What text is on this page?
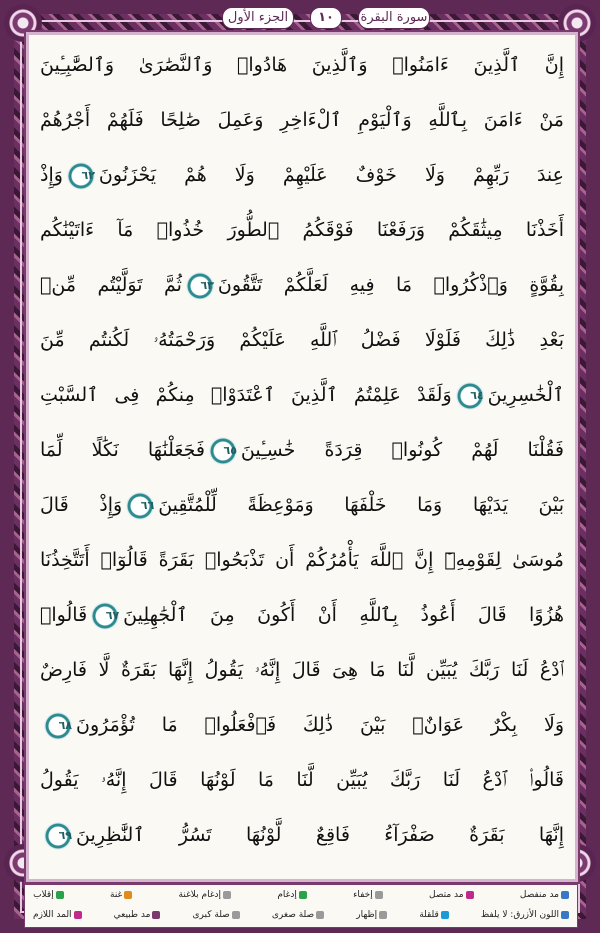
الجزء الأول	١٠	سورة البقرة
إِنَّ ٱلَّذِينَ ءَامَنُوا۟ وَٱلَّذِينَ هَادُوا۟ وَٱلنَّصَٰرَىٰ وَٱلصَّٰبِـِٔينَ
مَنْ ءَامَنَ بِٱللَّهِ وَٱلْيَوْمِ ٱلْءَاخِرِ وَعَمِلَ صَٰلِحًا فَلَهُمْ أَجْرُهُمْ
عِندَ رَبِّهِمْ وَلَا خَوْفٌ عَلَيْهِمْ وَلَا هُمْ يَحْزَنُونَ٦٢وَإِذْ
أَخَذْنَا مِيثَٰقَكُمْ وَرَفَعْنَا فَوْقَكُمُ ٱلطُّورَ خُذُوا۟ مَآ ءَاتَيْنَٰكُم
بِقُوَّةٍ وَٱذْكُرُوا۟ مَا فِيهِ لَعَلَّكُمْ تَتَّقُونَ٦٣ثُمَّ تَوَلَّيْتُم مِّنۢ
بَعْدِ ذَٰلِكَ فَلَوْلَا فَضْلُ ٱللَّهِ عَلَيْكُمْ وَرَحْمَتُهُۥ لَكُنتُم مِّنَ
ٱلْخَٰسِرِينَ٦٤وَلَقَدْ عَلِمْتُمُ ٱلَّذِينَ ٱعْتَدَوْا۟ مِنكُمْ فِى ٱلسَّبْتِ
فَقُلْنَا لَهُمْ كُونُوا۟ قِرَدَةً خَٰسِـِٔينَ٦٥فَجَعَلْنَٰهَا نَكَٰلًا لِّمَا
بَيْنَ يَدَيْهَا وَمَا خَلْفَهَا وَمَوْعِظَةً لِّلْمُتَّقِينَ٦٦وَإِذْ قَالَ
مُوسَىٰ لِقَوْمِهِۦٓ إِنَّ ٱللَّهَ يَأْمُرُكُمْ أَن تَذْبَحُوا۟ بَقَرَةً قَالُوٓا۟ أَتَتَّخِذُنَا
هُزُوًا قَالَ أَعُوذُ بِٱللَّهِ أَنْ أَكُونَ مِنَ ٱلْجَٰهِلِينَ٦٧قَالُوا۟
ٱدْعُ لَنَا رَبَّكَ يُبَيِّن لَّنَا مَا هِىَ قَالَ إِنَّهُۥ يَقُولُ إِنَّهَا بَقَرَةٌ لَّا فَارِضٌ
وَلَا بِكْرٌ عَوَانٌۢ بَيْنَ ذَٰلِكَ فَٱفْعَلُوا۟ مَا تُؤْمَرُونَ٦٨
قَالُوا۟ ٱدْعُ لَنَا رَبَّكَ يُبَيِّن لَّنَا مَا لَوْنُهَا قَالَ إِنَّهُۥ يَقُولُ
إِنَّهَا بَقَرَةٌ صَفْرَآءُ فَاقِعٌ لَّوْنُهَا تَسُرُّ ٱلنَّٰظِرِينَ٦٩
مد منفصل
مد متصل
إخفاء
إدغام
إدغام بلاغنة
غنة
إقلاب
اللون الأزرق: لا يلفظ
قلقلة
إظهار
صلة صغرى
صلة كبرى
مد طبيعي
المد اللازم
